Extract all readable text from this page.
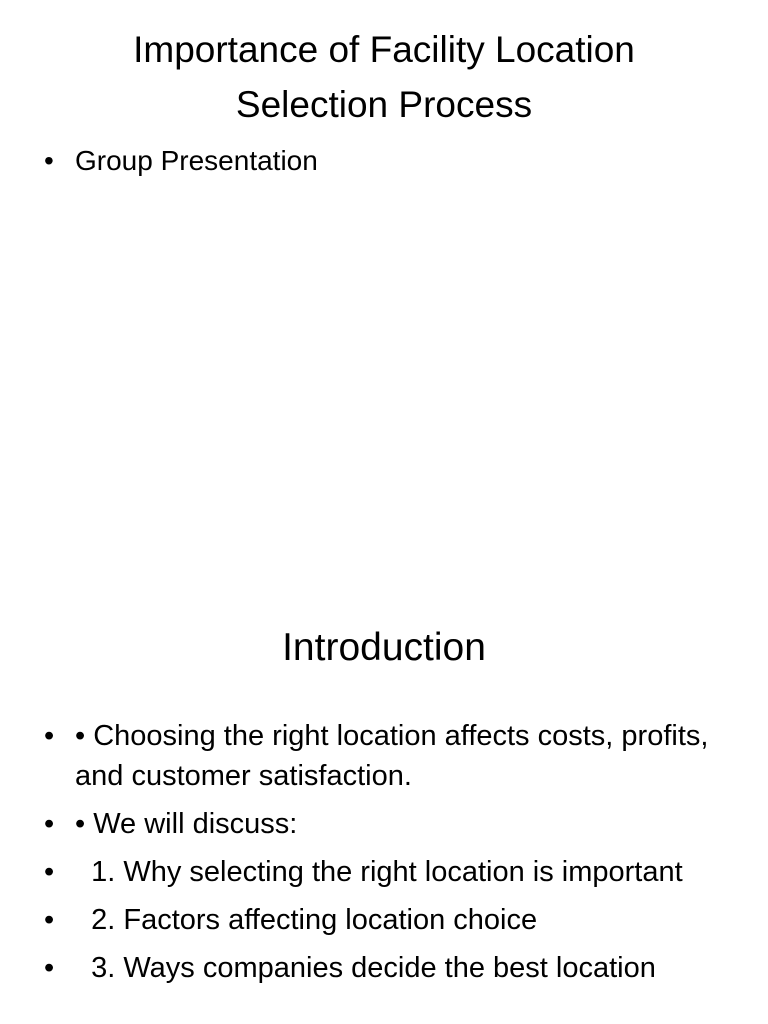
Importance of Facility Location
Selection Process
• Group Presentation
Introduction
• • Choosing the right location affects costs, profits, and customer satisfaction.
• • We will discuss:
• 1. Why selecting the right location is important
• 2. Factors affecting location choice
• 3. Ways companies decide the best location
